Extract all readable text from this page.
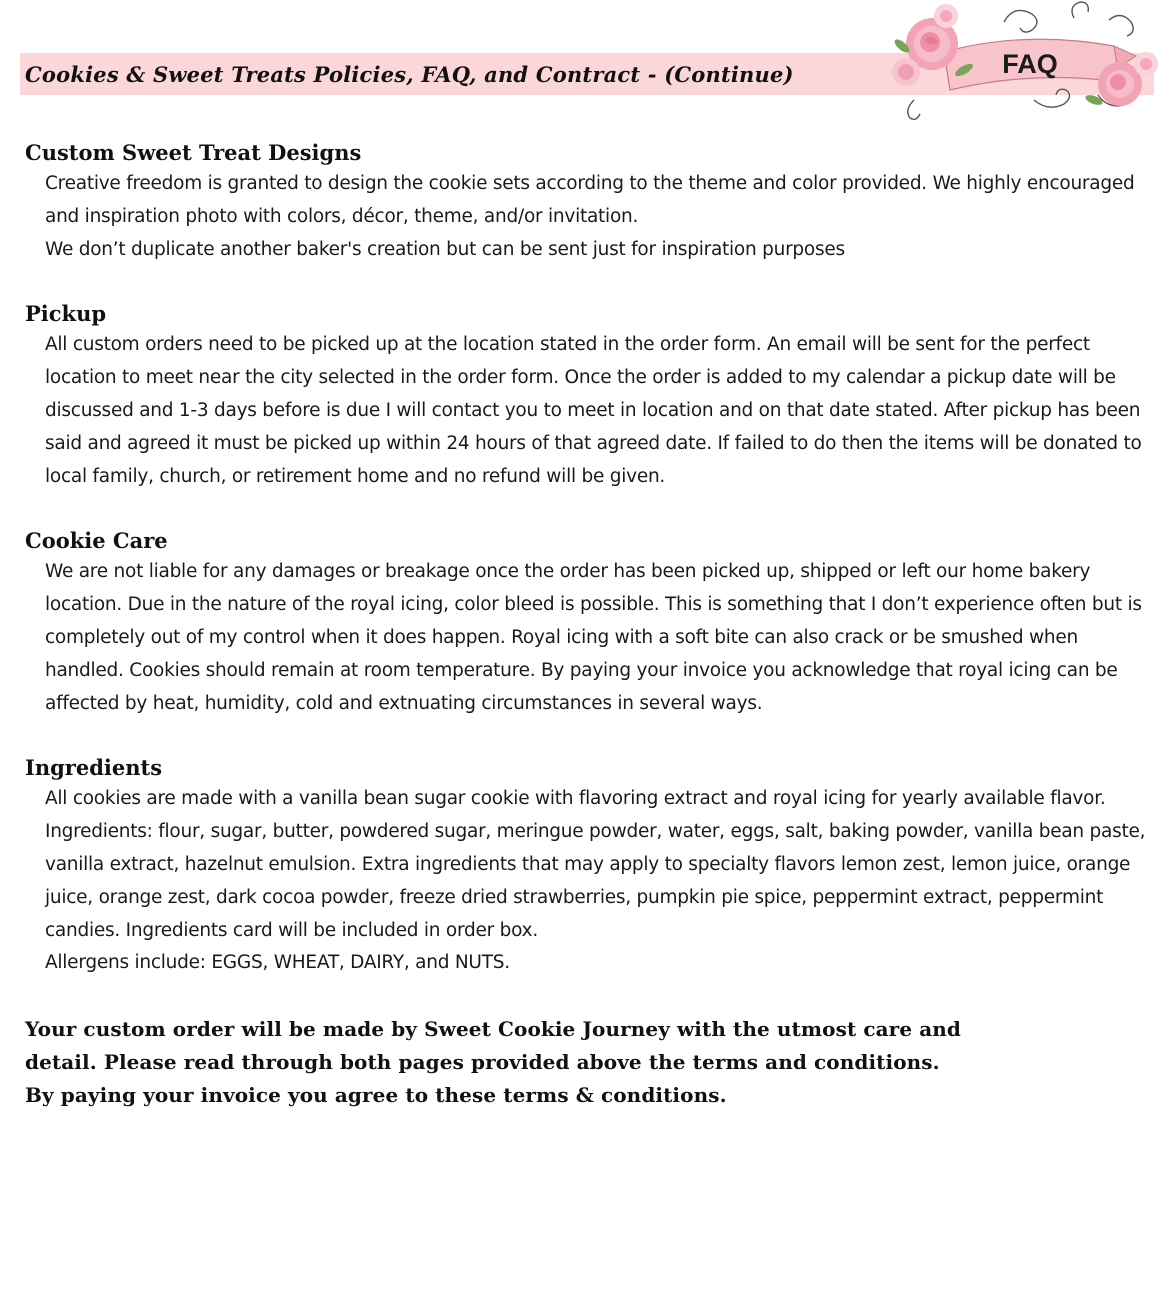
Cookies & Sweet Treats Policies, FAQ, and Contract - (Continue)	FAQ
Custom Sweet Treat Designs

Creative freedom is granted to design the cookie sets according to the theme and color provided. We highly encouraged and inspiration photo with colors, décor, theme, and/or invitation.

We don’t duplicate another baker's creation but can be sent just for inspiration purposes

Pickup

All custom orders need to be picked up at the location stated in the order form. An email will be sent for the perfect location to meet near the city selected in the order form. Once the order is added to my calendar a pickup date will be discussed and 1-3 days before is due I will contact you to meet in location and on that date stated. After pickup has been said and agreed it must be picked up within 24 hours of that agreed date. If failed to do then the items will be donated to local family, church, or retirement home and no refund will be given.

Cookie Care

We are not liable for any damages or breakage once the order has been picked up, shipped or left our home bakery location. Due in the nature of the royal icing, color bleed is possible. This is something that I don’t experience often but is completely out of my control when it does happen. Royal icing with a soft bite can also crack or be smushed when handled. Cookies should remain at room temperature. By paying your invoice you acknowledge that royal icing can be affected by heat, humidity, cold and extnuating circumstances in several ways.

Ingredients

All cookies are made with a vanilla bean sugar cookie with flavoring extract and royal icing for yearly available flavor. Ingredients: flour, sugar, butter, powdered sugar, meringue powder, water, eggs, salt, baking powder, vanilla bean paste, vanilla extract, hazelnut emulsion. Extra ingredients that may apply to specialty flavors lemon zest, lemon juice, orange juice, orange zest, dark cocoa powder, freeze dried strawberries, pumpkin pie spice, peppermint extract, peppermint candies. Ingredients card will be included in order box.

Allergens include: EGGS, WHEAT, DAIRY, and NUTS.

Your custom order will be made by Sweet Cookie Journey with the utmost care and
detail. Please read through both pages provided above the terms and conditions.
By paying your invoice you agree to these terms & conditions.
